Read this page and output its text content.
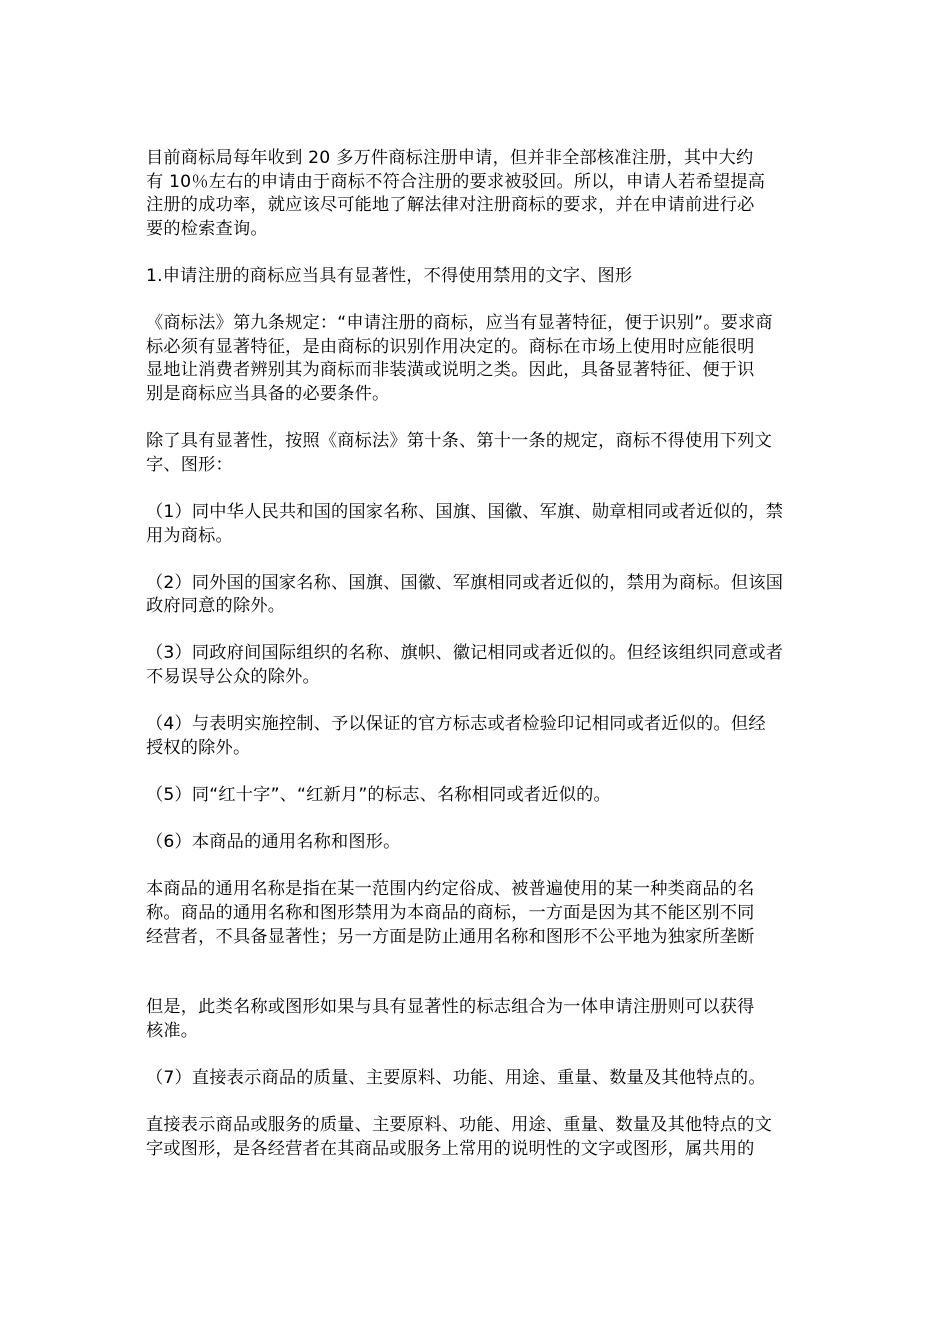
目前商标局每年收到 20 多万件商标注册申请，但并非全部核准注册，其中大约
有 10％左右的申请由于商标不符合注册的要求被驳回。所以，申请人若希望提高
注册的成功率，就应该尽可能地了解法律对注册商标的要求，并在申请前进行必
要的检索查询。

1.申请注册的商标应当具有显著性，不得使用禁用的文字、图形

《商标法》第九条规定：“申请注册的商标，应当有显著特征，便于识别”。要求商
标必须有显著特征，是由商标的识别作用决定的。商标在市场上使用时应能很明
显地让消费者辨别其为商标而非装潢或说明之类。因此，具备显著特征、便于识
别是商标应当具备的必要条件。

除了具有显著性，按照《商标法》第十条、第十一条的规定，商标不得使用下列文
字、图形：

（1）同中华人民共和国的国家名称、国旗、国徽、军旗、勋章相同或者近似的，禁
用为商标。

（2）同外国的国家名称、国旗、国徽、军旗相同或者近似的，禁用为商标。但该国
政府同意的除外。

（3）同政府间国际组织的名称、旗帜、徽记相同或者近似的。但经该组织同意或者
不易误导公众的除外。

（4）与表明实施控制、予以保证的官方标志或者检验印记相同或者近似的。但经
授权的除外。

（5）同“红十字”、“红新月”的标志、名称相同或者近似的。

（6）本商品的通用名称和图形。

本商品的通用名称是指在某一范围内约定俗成、被普遍使用的某一种类商品的名
称。商品的通用名称和图形禁用为本商品的商标，一方面是因为其不能区别不同
经营者，不具备显著性；另一方面是防止通用名称和图形不公平地为独家所垄断

但是，此类名称或图形如果与具有显著性的标志组合为一体申请注册则可以获得
核准。

（7）直接表示商品的质量、主要原料、功能、用途、重量、数量及其他特点的。

直接表示商品或服务的质量、主要原料、功能、用途、重量、数量及其他特点的文
字或图形，是各经营者在其商品或服务上常用的说明性的文字或图形，属共用的
